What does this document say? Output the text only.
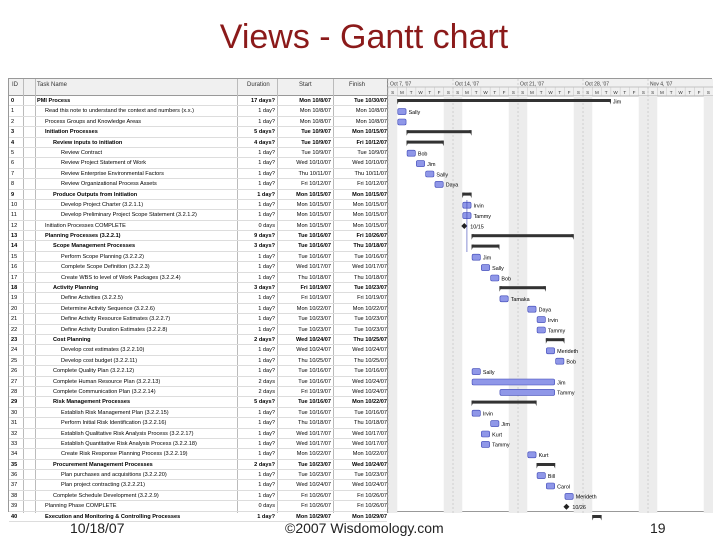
Views - Gantt chart
ID	Task Name	Duration	Start	Finish
0	PMI Process	17 days?	Mon 10/8/07	Tue 10/30/07
1	Read this note to understand the context and numbers (x.x.)	1 day?	Mon 10/8/07	Mon 10/8/07
2	Process Groups and Knowledge Areas	1 day?	Mon 10/8/07	Mon 10/8/07
3	Initiation Processes	5 days?	Tue 10/9/07	Mon 10/15/07
4	Review inputs to initiation	4 days?	Tue 10/9/07	Fri 10/12/07
5	Review Contract	1 day?	Tue 10/9/07	Tue 10/9/07
6	Review Project Statement of Work	1 day?	Wed 10/10/07	Wed 10/10/07
7	Review Enterprise Environmental Factors	1 day?	Thu 10/11/07	Thu 10/11/07
8	Review Organizational Process Assets	1 day?	Fri 10/12/07	Fri 10/12/07
9	Produce Outputs from Initiation	1 day?	Mon 10/15/07	Mon 10/15/07
10	Develop Project Charter (3.2.1.1)	1 day?	Mon 10/15/07	Mon 10/15/07
11	Develop Preliminary Project Scope Statement (3.2.1.2)	1 day?	Mon 10/15/07	Mon 10/15/07
12	Initiation Processes COMPLETE	0 days	Mon 10/15/07	Mon 10/15/07
13	Planning Processes (3.2.2.1)	9 days?	Tue 10/16/07	Fri 10/26/07
14	Scope Management Processes	3 days?	Tue 10/16/07	Thu 10/18/07
15	Perform Scope Planning (3.2.2.2)	1 day?	Tue 10/16/07	Tue 10/16/07
16	Complete Scope Definition (3.2.2.3)	1 day?	Wed 10/17/07	Wed 10/17/07
17	Create WBS to level of Work Packages (3.2.2.4)	1 day?	Thu 10/18/07	Thu 10/18/07
18	Activity Planning	3 days?	Fri 10/19/07	Tue 10/23/07
19	Define Activities (3.2.2.5)	1 day?	Fri 10/19/07	Fri 10/19/07
20	Determine Activity Sequence (3.2.2.6)	1 day?	Mon 10/22/07	Mon 10/22/07
21	Define Activity Resource Estimates (3.2.2.7)	1 day?	Tue 10/23/07	Tue 10/23/07
22	Define Activity Duration Estimates (3.2.2.8)	1 day?	Tue 10/23/07	Tue 10/23/07
23	Cost Planning	2 days?	Wed 10/24/07	Thu 10/25/07
24	Develop cost estimates (3.2.2.10)	1 day?	Wed 10/24/07	Wed 10/24/07
25	Develop cost budget (3.2.2.11)	1 day?	Thu 10/25/07	Thu 10/25/07
26	Complete Quality Plan (3.2.2.12)	1 day?	Tue 10/16/07	Tue 10/16/07
27	Complete Human Resource Plan (3.2.2.13)	2 days	Tue 10/16/07	Wed 10/24/07
28	Complete Communication Plan (3.2.2.14)	2 days	Fri 10/19/07	Wed 10/24/07
29	Risk Management Processes	5 days?	Tue 10/16/07	Mon 10/22/07
30	Establish Risk Management Plan (3.2.2.15)	1 day?	Tue 10/16/07	Tue 10/16/07
31	Perform Initial Risk Identification (3.2.2.16)	1 day?	Thu 10/18/07	Thu 10/18/07
32	Establish Qualitative Risk Analysis Process (3.2.2.17)	1 day?	Wed 10/17/07	Wed 10/17/07
33	Establish Quantitative Risk Analysis Process (3.2.2.18)	1 day?	Wed 10/17/07	Wed 10/17/07
34	Create Risk Response Planning Process (3.2.2.19)	1 day?	Mon 10/22/07	Mon 10/22/07
35	Procurement Management Processes	2 days?	Tue 10/23/07	Wed 10/24/07
36	Plan purchases and acquisitions (3.2.2.20)	1 day?	Tue 10/23/07	Tue 10/23/07
37	Plan project contracting (3.2.2.21)	1 day?	Wed 10/24/07	Wed 10/24/07
38	Complete Schedule Development (3.2.2.9)	1 day?	Fri 10/26/07	Fri 10/26/07
39	Planning Phase COMPLETE	0 days	Fri 10/26/07	Fri 10/26/07
40	Execution and Monitoring & Controlling Processes	1 day?	Mon 10/29/07	Mon 10/29/07
S M T W T F S S M T W T F S S M T W T F S S M T W T F S S M T W T F S
Oct 7, '07	Oct 14, '07	Oct 21, '07	Oct 28, '07	Nov 4, '07
Jim
Sally
Bob
Jim
Sally
Daya
Irvin
Tammy
10/15
Jim
Sally
Bob
Tamaka
Daya
Irvin
Tammy
Merideth
Bob
Sally
Jim
Tammy
Irvin
Jim
Kurt
Tammy
Kurt
Bill
Carol
Merideth
10/26
10/18/07	©2007 Wisdomology.com	19
